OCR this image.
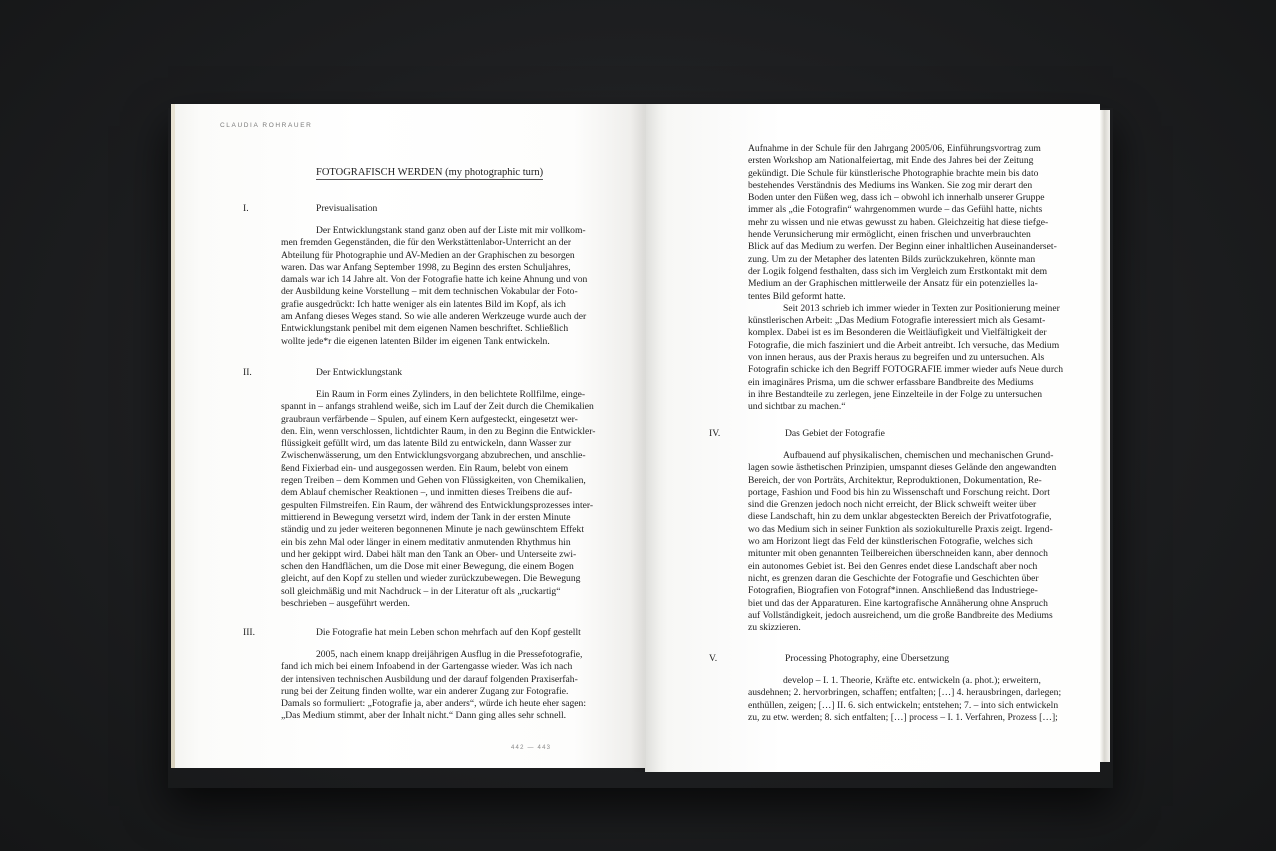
CLAUDIA ROHRAUER
FOTOGRAFISCH WERDEN (my photographic turn)
I.	Previsualisation
Der Entwicklungstank stand ganz oben auf der Liste mit mir vollkom-
men fremden Gegenständen, die für den Werkstättenlabor-Unterricht an der
Abteilung für Photographie und AV-Medien an der Graphischen zu besorgen
waren. Das war Anfang September 1998, zu Beginn des ersten Schuljahres,
damals war ich 14 Jahre alt. Von der Fotografie hatte ich keine Ahnung und von
der Ausbildung keine Vorstellung – mit dem technischen Vokabular der Foto-
grafie ausgedrückt: Ich hatte weniger als ein latentes Bild im Kopf, als ich
am Anfang dieses Weges stand. So wie alle anderen Werkzeuge wurde auch der
Entwicklungstank penibel mit dem eigenen Namen beschriftet. Schließlich
wollte jede*r die eigenen latenten Bilder im eigenen Tank entwickeln.
II.	Der Entwicklungstank
Ein Raum in Form eines Zylinders, in den belichtete Rollfilme, einge-
spannt in – anfangs strahlend weiße, sich im Lauf der Zeit durch die Chemikalien
graubraun verfärbende – Spulen, auf einem Kern aufgesteckt, eingesetzt wer-
den. Ein, wenn verschlossen, lichtdichter Raum, in den zu Beginn die Entwickler-
flüssigkeit gefüllt wird, um das latente Bild zu entwickeln, dann Wasser zur
Zwischenwässerung, um den Entwicklungsvorgang abzubrechen, und anschlie-
ßend Fixierbad ein- und ausgegossen werden. Ein Raum, belebt von einem
regen Treiben – dem Kommen und Gehen von Flüssigkeiten, von Chemikalien,
dem Ablauf chemischer Reaktionen –, und inmitten dieses Treibens die auf-
gespulten Filmstreifen. Ein Raum, der während des Entwicklungsprozesses inter-
mittierend in Bewegung versetzt wird, indem der Tank in der ersten Minute
ständig und zu jeder weiteren begonnenen Minute je nach gewünschtem Effekt
ein bis zehn Mal oder länger in einem meditativ anmutenden Rhythmus hin
und her gekippt wird. Dabei hält man den Tank an Ober- und Unterseite zwi-
schen den Handflächen, um die Dose mit einer Bewegung, die einem Bogen
gleicht, auf den Kopf zu stellen und wieder zurückzubewegen. Die Bewegung
soll gleichmäßig und mit Nachdruck – in der Literatur oft als „ruckartig“
beschrieben – ausgeführt werden.
III.	Die Fotografie hat mein Leben schon mehrfach auf den Kopf gestellt
2005, nach einem knapp dreijährigen Ausflug in die Pressefotografie,
fand ich mich bei einem Infoabend in der Gartengasse wieder. Was ich nach
der intensiven technischen Ausbildung und der darauf folgenden Praxiserfah-
rung bei der Zeitung finden wollte, war ein anderer Zugang zur Fotografie.
Damals so formuliert: „Fotografie ja, aber anders“, würde ich heute eher sagen:
„Das Medium stimmt, aber der Inhalt nicht.“ Dann ging alles sehr schnell.
442 — 443
Aufnahme in der Schule für den Jahrgang 2005/06, Einführungsvortrag zum
ersten Workshop am Nationalfeiertag, mit Ende des Jahres bei der Zeitung
gekündigt. Die Schule für künstlerische Photographie brachte mein bis dato
bestehendes Verständnis des Mediums ins Wanken. Sie zog mir derart den
Boden unter den Füßen weg, dass ich – obwohl ich innerhalb unserer Gruppe
immer als „die Fotografin“ wahrgenommen wurde – das Gefühl hatte, nichts
mehr zu wissen und nie etwas gewusst zu haben. Gleichzeitig hat diese tiefge-
hende Verunsicherung mir ermöglicht, einen frischen und unverbrauchten
Blick auf das Medium zu werfen. Der Beginn einer inhaltlichen Auseinanderset-
zung. Um zu der Metapher des latenten Bilds zurückzukehren, könnte man
der Logik folgend festhalten, dass sich im Vergleich zum Erstkontakt mit dem
Medium an der Graphischen mittlerweile der Ansatz für ein potenzielles la-
tentes Bild geformt hatte.
Seit 2013 schrieb ich immer wieder in Texten zur Positionierung meiner
künstlerischen Arbeit: „Das Medium Fotografie interessiert mich als Gesamt-
komplex. Dabei ist es im Besonderen die Weitläufigkeit und Vielfältigkeit der
Fotografie, die mich fasziniert und die Arbeit antreibt. Ich versuche, das Medium
von innen heraus, aus der Praxis heraus zu begreifen und zu untersuchen. Als
Fotografin schicke ich den Begriff FOTOGRAFIE immer wieder aufs Neue durch
ein imaginäres Prisma, um die schwer erfassbare Bandbreite des Mediums
in ihre Bestandteile zu zerlegen, jene Einzelteile in der Folge zu untersuchen
und sichtbar zu machen.“
IV.	Das Gebiet der Fotografie
Aufbauend auf physikalischen, chemischen und mechanischen Grund-
lagen sowie ästhetischen Prinzipien, umspannt dieses Gelände den angewandten
Bereich, der von Porträts, Architektur, Reproduktionen, Dokumentation, Re-
portage, Fashion und Food bis hin zu Wissenschaft und Forschung reicht. Dort
sind die Grenzen jedoch noch nicht erreicht, der Blick schweift weiter über
diese Landschaft, hin zu dem unklar abgesteckten Bereich der Privatfotografie,
wo das Medium sich in seiner Funktion als soziokulturelle Praxis zeigt. Irgend-
wo am Horizont liegt das Feld der künstlerischen Fotografie, welches sich
mitunter mit oben genannten Teilbereichen überschneiden kann, aber dennoch
ein autonomes Gebiet ist. Bei den Genres endet diese Landschaft aber noch
nicht, es grenzen daran die Geschichte der Fotografie und Geschichten über
Fotografien, Biografien von Fotograf*innen. Anschließend das Industriege-
biet und das der Apparaturen. Eine kartografische Annäherung ohne Anspruch
auf Vollständigkeit, jedoch ausreichend, um die große Bandbreite des Mediums
zu skizzieren.
V.	Processing Photography, eine Übersetzung
develop – I. 1. Theorie, Kräfte etc. entwickeln (a. phot.); erweitern,
ausdehnen; 2. hervorbringen, schaffen; entfalten; […] 4. herausbringen, darlegen;
enthüllen, zeigen; […] II. 6. sich entwickeln; entstehen; 7. – into sich entwickeln
zu, zu etw. werden; 8. sich entfalten; […] process – I. 1. Verfahren, Prozess […];
